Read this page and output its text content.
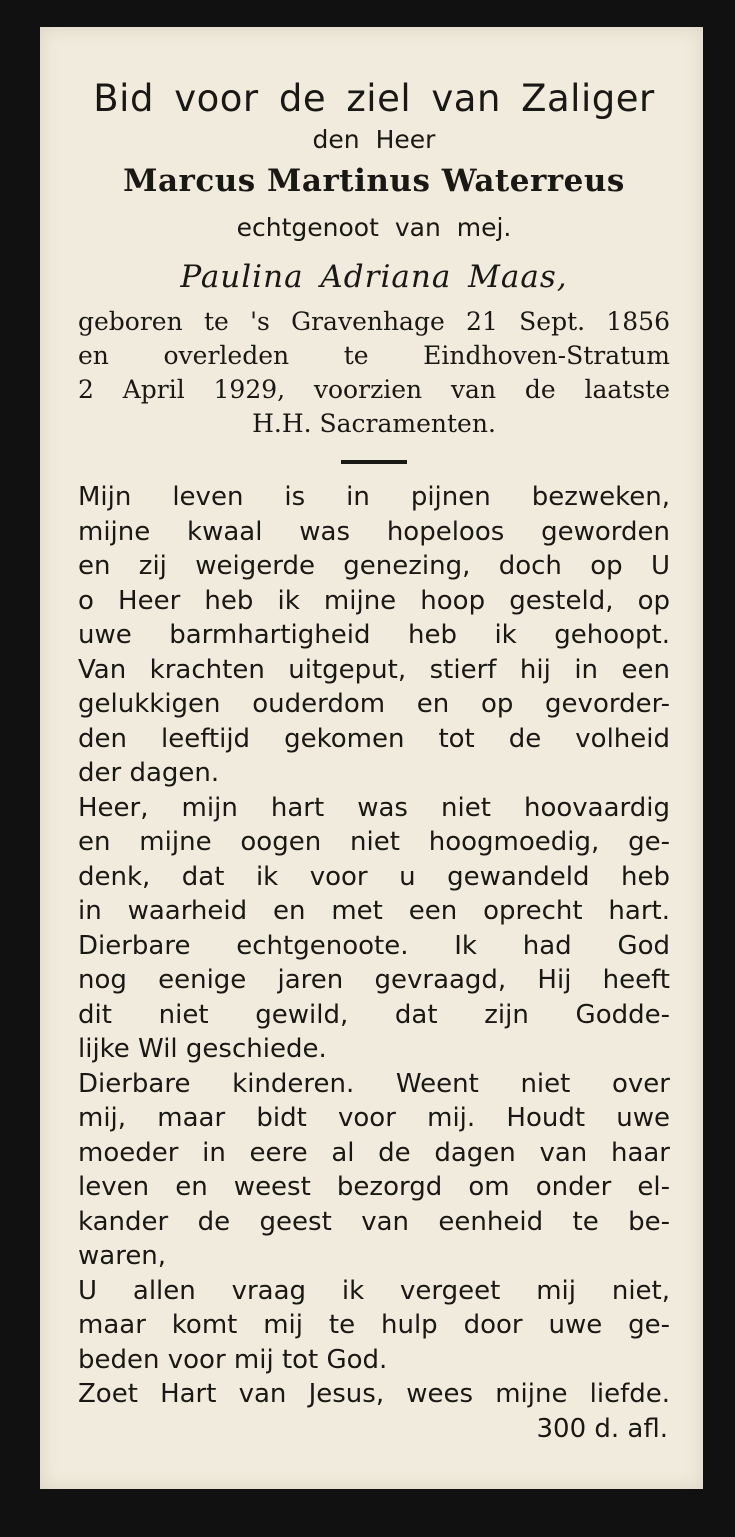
Bid voor de ziel van Zaliger
den Heer
Marcus Martinus Waterreus
echtgenoot van mej.
Paulina Adriana Maas,
geboren te 's Gravenhage 21 Sept. 1856
en overleden te Eindhoven-Stratum
2 April 1929, voorzien van de laatste
H.H. Sacramenten.
Mijn leven is in pijnen bezweken,
mijne kwaal was hopeloos geworden
en zij weigerde genezing, doch op U
o Heer heb ik mijne hoop gesteld, op
uwe barmhartigheid heb ik gehoopt.
Van krachten uitgeput, stierf hij in een
gelukkigen ouderdom en op gevorder-
den leeftijd gekomen tot de volheid
der dagen.
Heer, mijn hart was niet hoovaardig
en mijne oogen niet hoogmoedig, ge-
denk, dat ik voor u gewandeld heb
in waarheid en met een oprecht hart.
Dierbare echtgenoote. Ik had God
nog eenige jaren gevraagd, Hij heeft
dit niet gewild, dat zijn Godde-
lijke Wil geschiede.
Dierbare kinderen. Weent niet over
mij, maar bidt voor mij. Houdt uwe
moeder in eere al de dagen van haar
leven en weest bezorgd om onder el-
kander de geest van eenheid te be-
waren,
U allen vraag ik vergeet mij niet,
maar komt mij te hulp door uwe ge-
beden voor mij tot God.
Zoet Hart van Jesus, wees mijne liefde.
300 d. afl.
